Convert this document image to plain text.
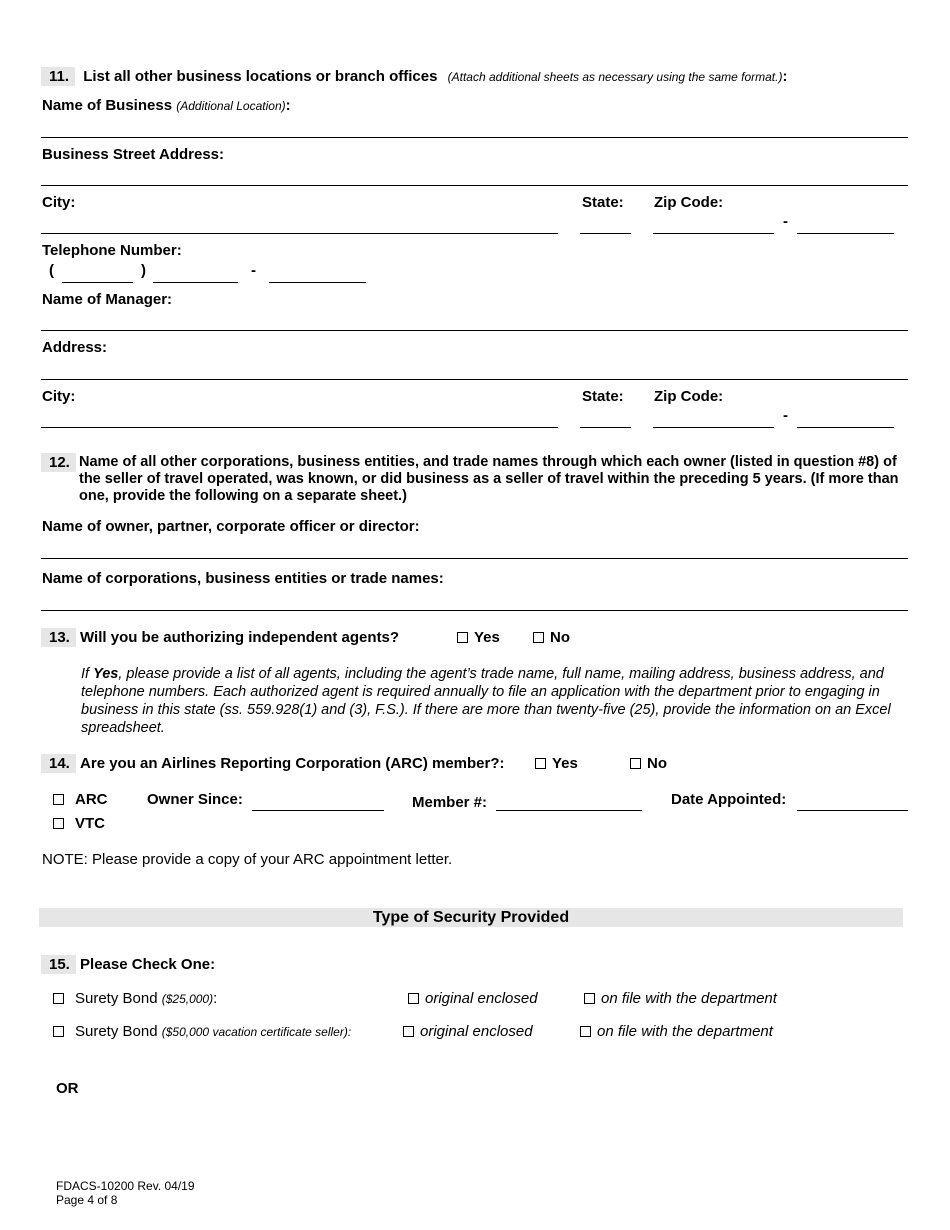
11. List all other business locations or branch offices (Attach additional sheets as necessary using the same format.):
Name of Business (Additional Location):
Business Street Address:
City:	State: Zip Code:
-
Telephone Number:
(	)	-
Name of Manager:
Address:
City:	State: Zip Code:
-
12. Name of all other corporations, business entities, and trade names through which each owner (listed in question #8) of the seller of travel operated, was known, or did business as a seller of travel within the preceding 5 years. (If more than one, provide the following on a separate sheet.)
Name of owner, partner, corporate officer or director:
Name of corporations, business entities or trade names:
13. Will you be authorizing independent agents?	Yes	No
If Yes, please provide a list of all agents, including the agent’s trade name, full name, mailing address, business address, and telephone numbers. Each authorized agent is required annually to file an application with the department prior to engaging in business in this state (ss. 559.928(1) and (3), F.S.). If there are more than twenty-five (25), provide the information on an Excel spreadsheet.
14. Are you an Airlines Reporting Corporation (ARC) member?:	Yes	No
ARC
VTC
Owner Since:	Member #:	Date Appointed:
NOTE: Please provide a copy of your ARC appointment letter.
Type of Security Provided
15. Please Check One:
Surety Bond ($25,000):	original enclosed	on file with the department
Surety Bond ($50,000 vacation certificate seller):	original enclosed	on file with the department
OR
FDACS-10200 Rev. 04/19
Page 4 of 8
